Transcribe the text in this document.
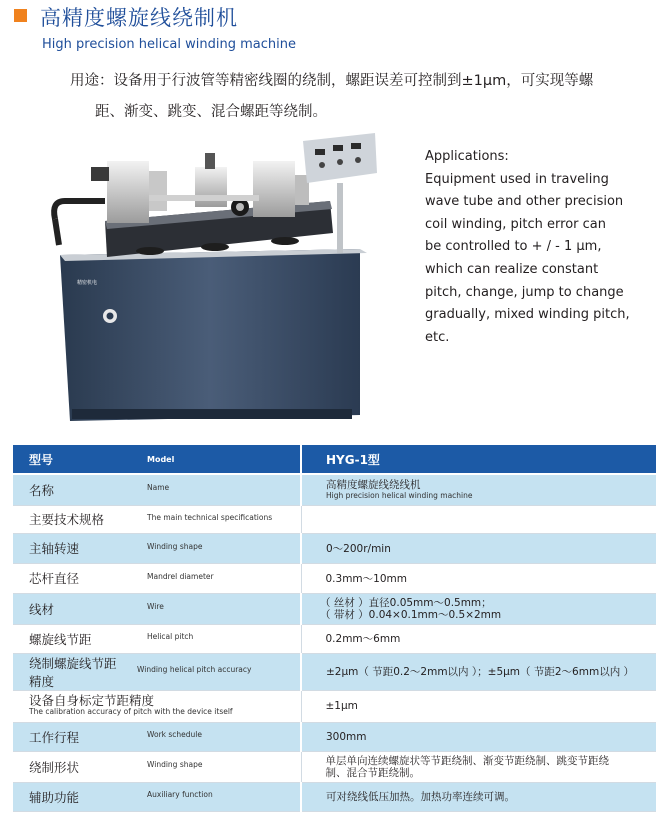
高精度螺旋线绕制机
High precision helical winding machine
用途：设备用于行波管等精密线圈的绕制，螺距误差可控制到±1μm，可实现等螺
距、渐变、跳变、混合螺距等绕制。
精密机电
Applications:
Equipment used in traveling
wave tube and other precision
coil winding, pitch error can
be controlled to + / - 1 μm,
which can realize constant
pitch, change, jump to change
gradually, mixed winding pitch,
etc.
型号	Model	HYG-1型
名称	Name	高精度螺旋线绕线机
High precision helical winding machine

主要技术规格	The main technical specifications	
主轴转速	Winding shape	0～200r/min
芯杆直径	Mandrel diameter	0.3mm～10mm
线材	Wire	（ 丝材 ）直径0.05mm～0.5mm；
（ 带材 ）0.04×0.1mm～0.5×2mm

螺旋线节距	Helical pitch	0.2mm～6mm
绕制螺旋线节距精度	Winding helical pitch accuracy	±2μm（ 节距0.2～2mm以内 ）；±5μm（ 节距2～6mm以内 ）
设备自身标定节距精度
The calibration accuracy of pitch with the device itself		±1μm
工作行程	Work schedule	300mm
绕制形状	Winding shape	单层单向连续螺旋状等节距绕制、渐变节距绕制、跳变节距绕
制、混合节距绕制。

辅助功能	Auxiliary function	可对绕线低压加热。加热功率连续可调。
